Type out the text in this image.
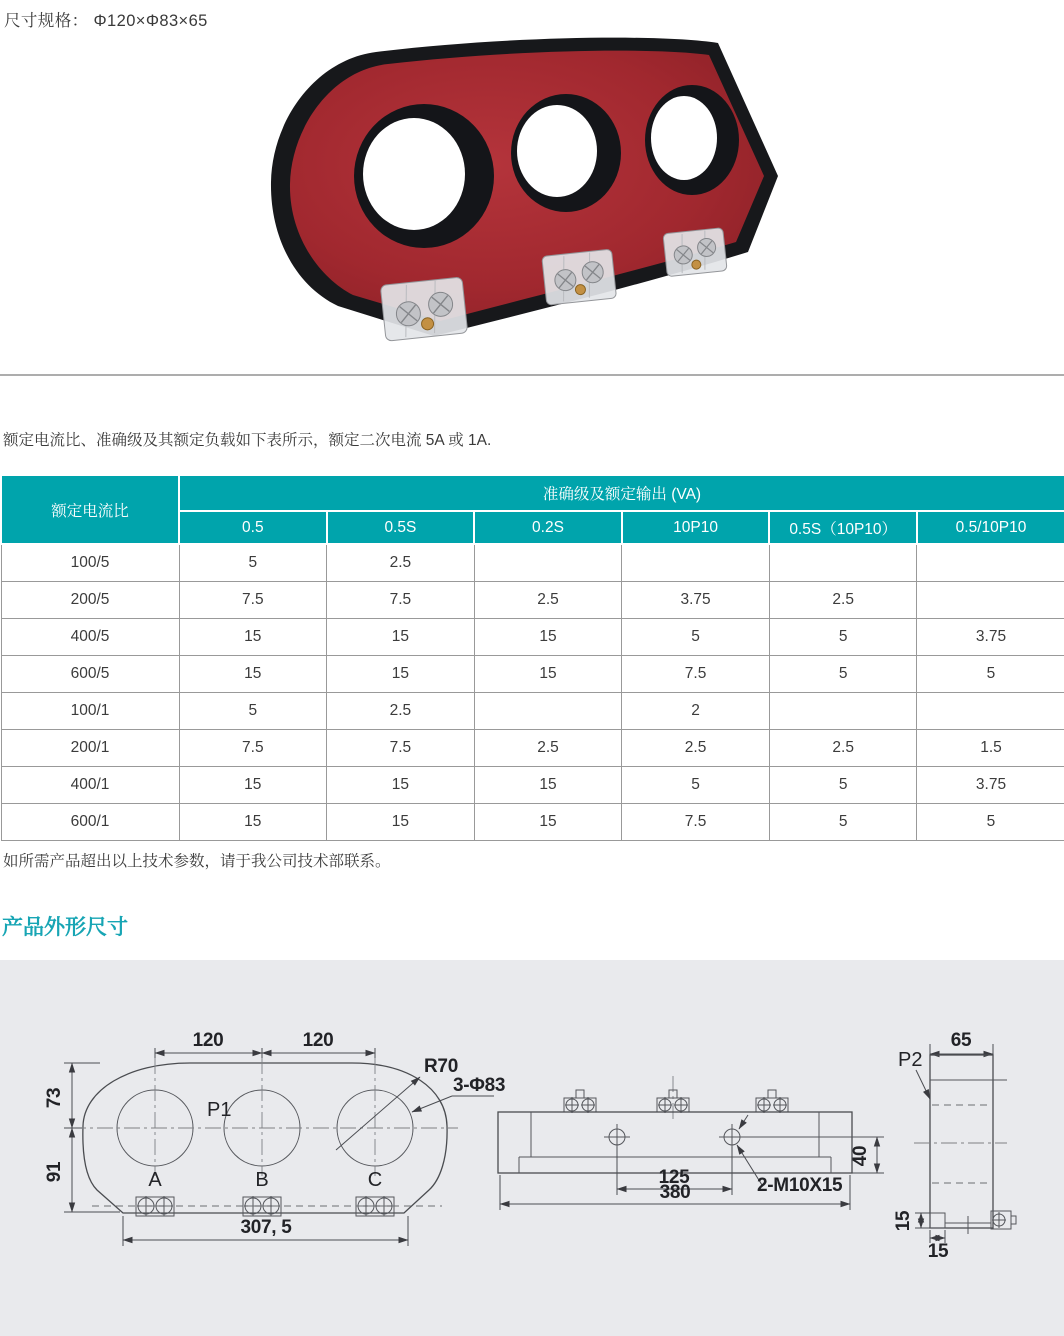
尺寸规格： Φ120×Φ83×65
额定电流比、准确级及其额定负载如下表所示，额定二次电流 5A 或 1A.
额定电流比	准确级及额定输出 (VA)					
	0.5	0.5S	0.2S	10P10	0.5S（10P10）	0.5/10P10
100/5	5	2.5				
200/5	7.5	7.5	2.5	3.75	2.5	
400/5	15	15	15	5	5	3.75
600/5	15	15	15	7.5	5	5
100/1	5	2.5		2		
200/1	7.5	7.5	2.5	2.5	2.5	1.5
400/1	15	15	15	5	5	3.75
600/1	15	15	15	7.5	5	5
如所需产品超出以上技术参数，请于我公司技术部联系。
产品外形尺寸
120	120
73
91
P1
R70
3-Φ83
A	B	C
307, 5
40
125
380	2-M10X15
65
P2
15
15
